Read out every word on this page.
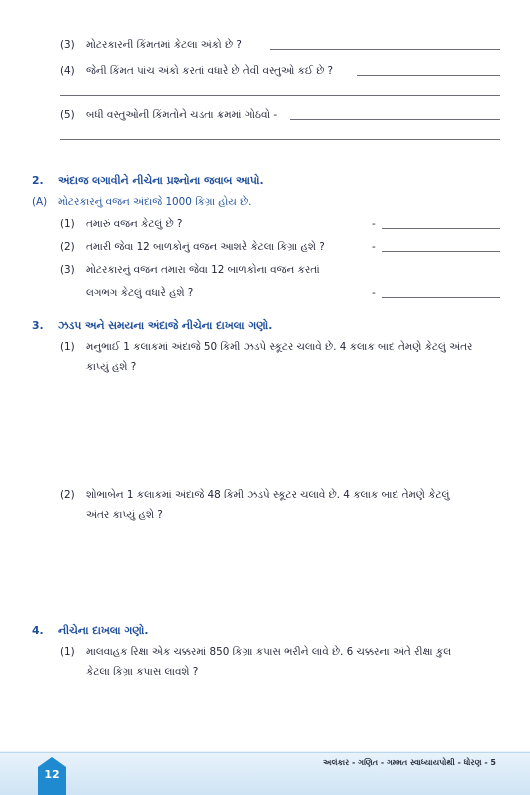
(3) મોટરકારની કિંમતમાં કેટલા અંકો છે ?
(4) જેની કિંમત પાંચ અંકો કરતાં વધારે છે તેવી વસ્તુઓ કઈ છે ?
(5) બધી વસ્તુઓની કિંમતોને ચડતા ક્રમમાં ગોઠવો -
2. અંદાજ લગાવીને નીચેના પ્રશ્નોના જવાબ આપો.
(A) મોટરકારનું વજન અંદાજે 1000 કિગ્રા હોય છે.
(1) તમારું વજન કેટલું છે ?	-
(2) તમારી જેવા 12 બાળકોનું વજન આશરે કેટલા કિગ્રા હશે ?	-
(3) મોટરકારનું વજન તમારા જેવા 12 બાળકોના વજન કરતાં
લગભગ કેટલું વધારે હશે ?	-
3. ઝડપ અને સમયના અંદાજે નીચેના દાખલા ગણો.
(1) મનુભાઈ 1 કલાકમાં અંદાજે 50 કિમી ઝડપે સ્કૂટર ચલાવે છે. 4 કલાક બાદ તેમણે કેટલું અંતર
કાપ્યું હશે ?
(2) શોભાબેન 1 કલાકમાં અંદાજે 48 કિમી ઝડપે સ્કૂટર ચલાવે છે. 4 કલાક બાદ તેમણે કેટલું
અંતર કાપ્યું હશે ?
4. નીચેના દાખલા ગણો.
(1) માલવાહક રિક્ષા એક ચક્કરમાં 850 કિગ્રા કપાસ ભરીને લાવે છે. 6 ચક્કરના અંતે રીક્ષા કુલ
કેટલા કિગ્રા કપાસ લાવશે ?
12
અલંકાર - ગણિત - ગમ્મત સ્વાધ્યાયપોથી - ધોરણ - 5
